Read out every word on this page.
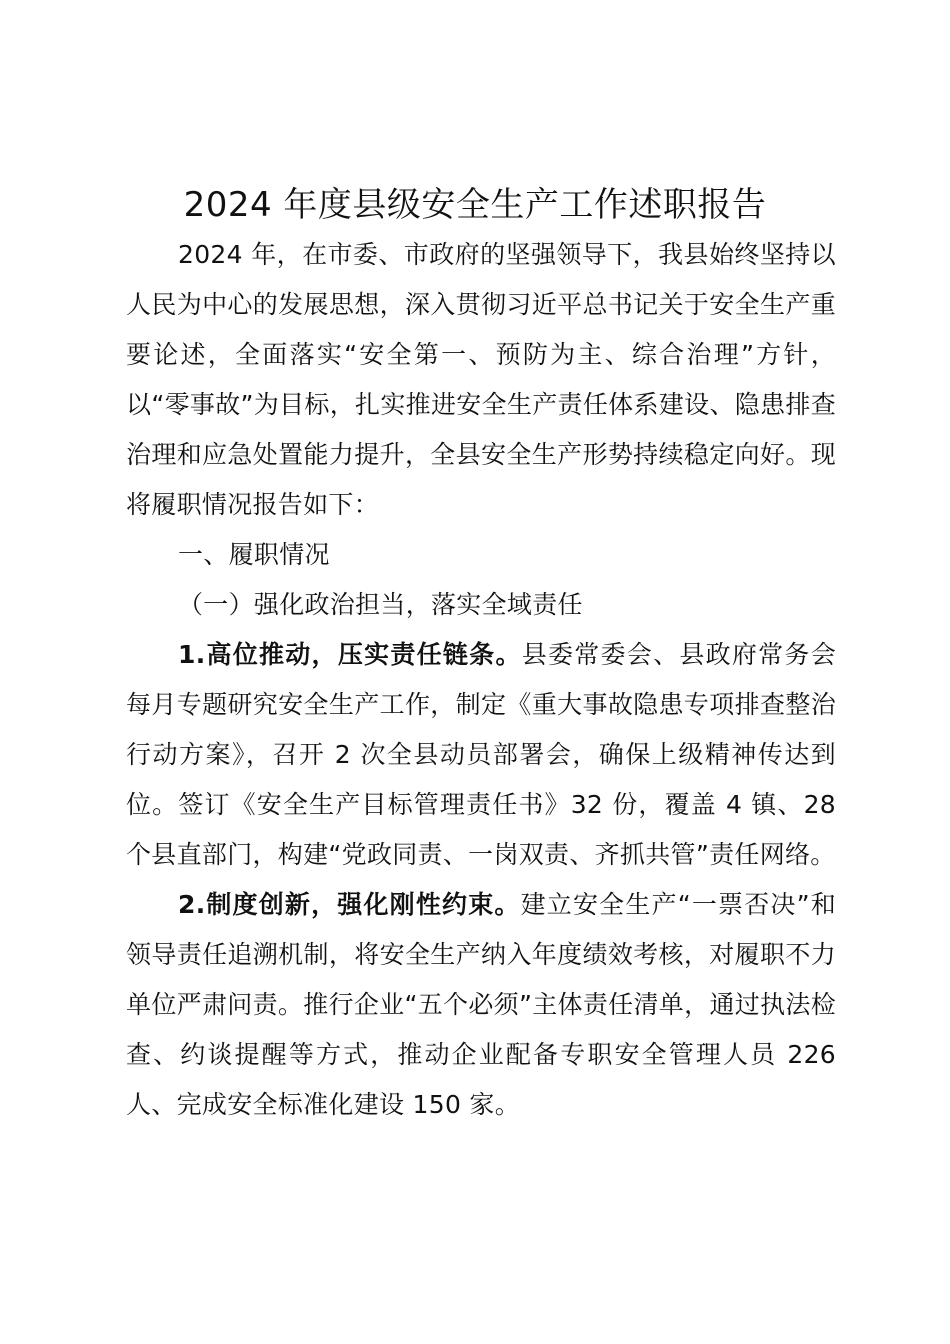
2024 年度县级安全生产工作述职报告

2024 年，在市委、市政府的坚强领导下，我县始终坚持以人民为中心的发展思想，深入贯彻习近平总书记关于安全生产重要论述，全面落实“安全第一、预防为主、综合治理”方针，以“零事故”为目标，扎实推进安全生产责任体系建设、隐患排查治理和应急处置能力提升，全县安全生产形势持续稳定向好。现将履职情况报告如下：

一、履职情况

（一）强化政治担当，落实全域责任

1.高位推动，压实责任链条。县委常委会、县政府常务会每月专题研究安全生产工作，制定《重大事故隐患专项排查整治行动方案》，召开 2 次全县动员部署会，确保上级精神传达到位。签订《安全生产目标管理责任书》32 份，覆盖 4 镇、28 个县直部门，构建“党政同责、一岗双责、齐抓共管”责任网络。

2.制度创新，强化刚性约束。建立安全生产“一票否决”和领导责任追溯机制，将安全生产纳入年度绩效考核，对履职不力单位严肃问责。推行企业“五个必须”主体责任清单，通过执法检查、约谈提醒等方式，推动企业配备专职安全管理人员 226 人、完成安全标准化建设 150 家。
